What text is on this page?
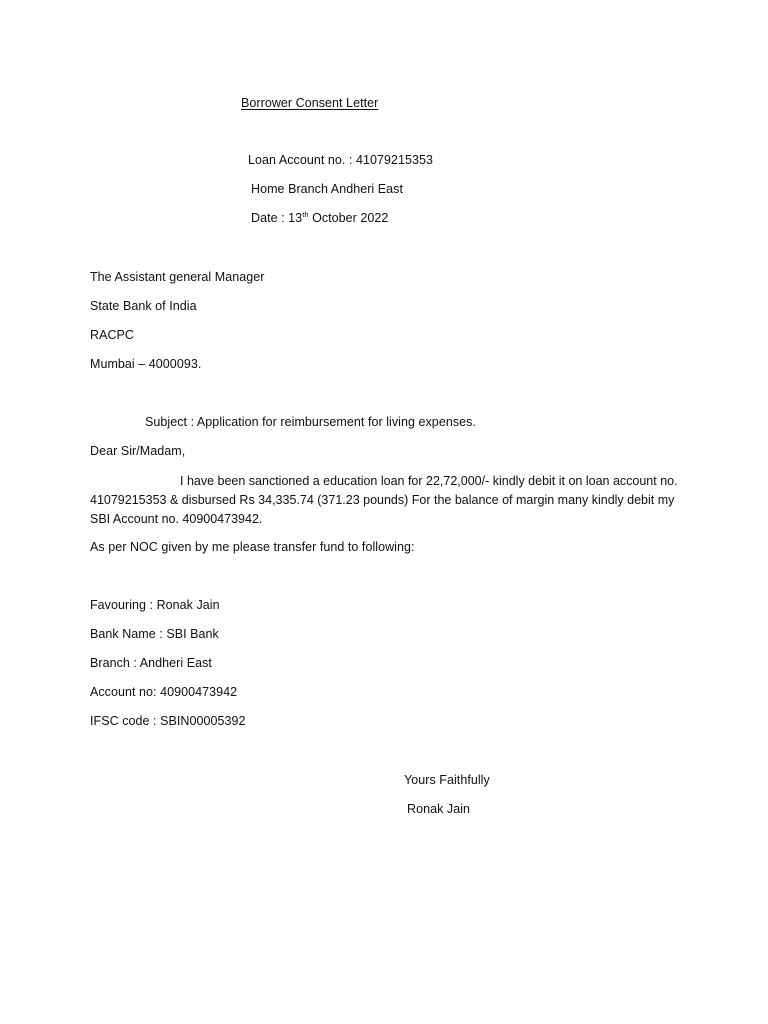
Borrower Consent Letter
Loan Account no. : 41079215353
Home Branch Andheri East
Date : 13th October 2022
The Assistant general Manager
State Bank of India
RACPC
Mumbai – 4000093.
Subject : Application for reimbursement for living expenses.
Dear Sir/Madam,
I have been sanctioned a education loan for 22,72,000/- kindly debit it on loan account no. 41079215353 & disbursed Rs 34,335.74 (371.23 pounds) For the balance of margin many kindly debit my SBI Account no. 40900473942.
As per NOC given by me please transfer fund to following:
Favouring : Ronak Jain
Bank Name : SBI Bank
Branch : Andheri East
Account no: 40900473942
IFSC code : SBIN00005392
Yours Faithfully
Ronak Jain
